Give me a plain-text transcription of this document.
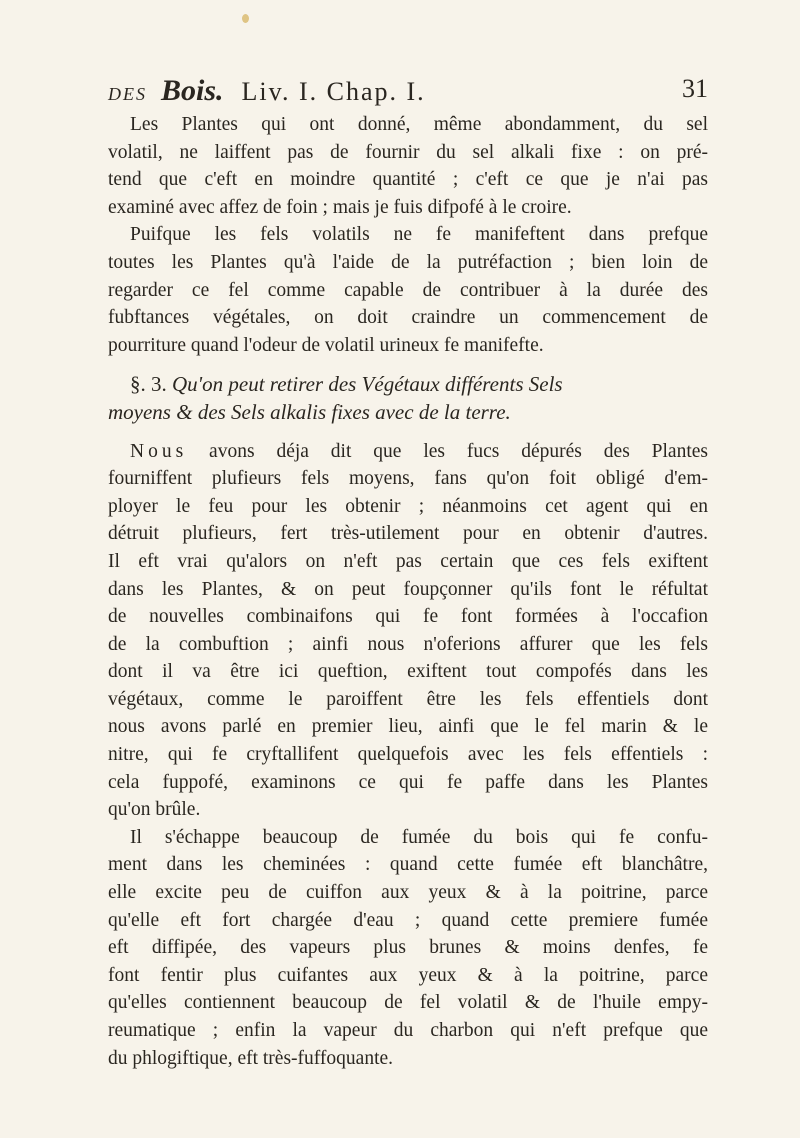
des Bois. Liv. I. Chap. I.	31
Les Plantes qui ont donné, même abondamment, du sel
volatil, ne laiffent pas de fournir du sel alkali fixe : on pré-
tend que c'eft en moindre quantité ; c'eft ce que je n'ai pas
examiné avec affez de foin ; mais je fuis difpofé à le croire.
Puifque les fels volatils ne fe manifeftent dans prefque
toutes les Plantes qu'à l'aide de la putréfaction ; bien loin de
regarder ce fel comme capable de contribuer à la durée des
fubftances végétales, on doit craindre un commencement de
pourriture quand l'odeur de volatil urineux fe manifefte.
§. 3. Qu'on peut retirer des Végétaux différents Sels
moyens & des Sels alkalis fixes avec de la terre.
Nous avons déja dit que les fucs dépurés des Plantes
fourniffent plufieurs fels moyens, fans qu'on foit obligé d'em-
ployer le feu pour les obtenir ; néanmoins cet agent qui en
détruit plufieurs, fert très-utilement pour en obtenir d'autres.
Il eft vrai qu'alors on n'eft pas certain que ces fels exiftent
dans les Plantes, & on peut foupçonner qu'ils font le réfultat
de nouvelles combinaifons qui fe font formées à l'occafion
de la combuftion ; ainfi nous n'oferions affurer que les fels
dont il va être ici queftion, exiftent tout compofés dans les
végétaux, comme le paroiffent être les fels effentiels dont
nous avons parlé en premier lieu, ainfi que le fel marin & le
nitre, qui fe cryftallifent quelquefois avec les fels effentiels :
cela fuppofé, examinons ce qui fe paffe dans les Plantes
qu'on brûle.
Il s'échappe beaucoup de fumée du bois qui fe confu-
ment dans les cheminées : quand cette fumée eft blanchâtre,
elle excite peu de cuiffon aux yeux & à la poitrine, parce
qu'elle eft fort chargée d'eau ; quand cette premiere fumée
eft diffipée, des vapeurs plus brunes & moins denfes, fe
font fentir plus cuifantes aux yeux & à la poitrine, parce
qu'elles contiennent beaucoup de fel volatil & de l'huile empy-
reumatique ; enfin la vapeur du charbon qui n'eft prefque que
du phlogiftique, eft très-fuffoquante.
